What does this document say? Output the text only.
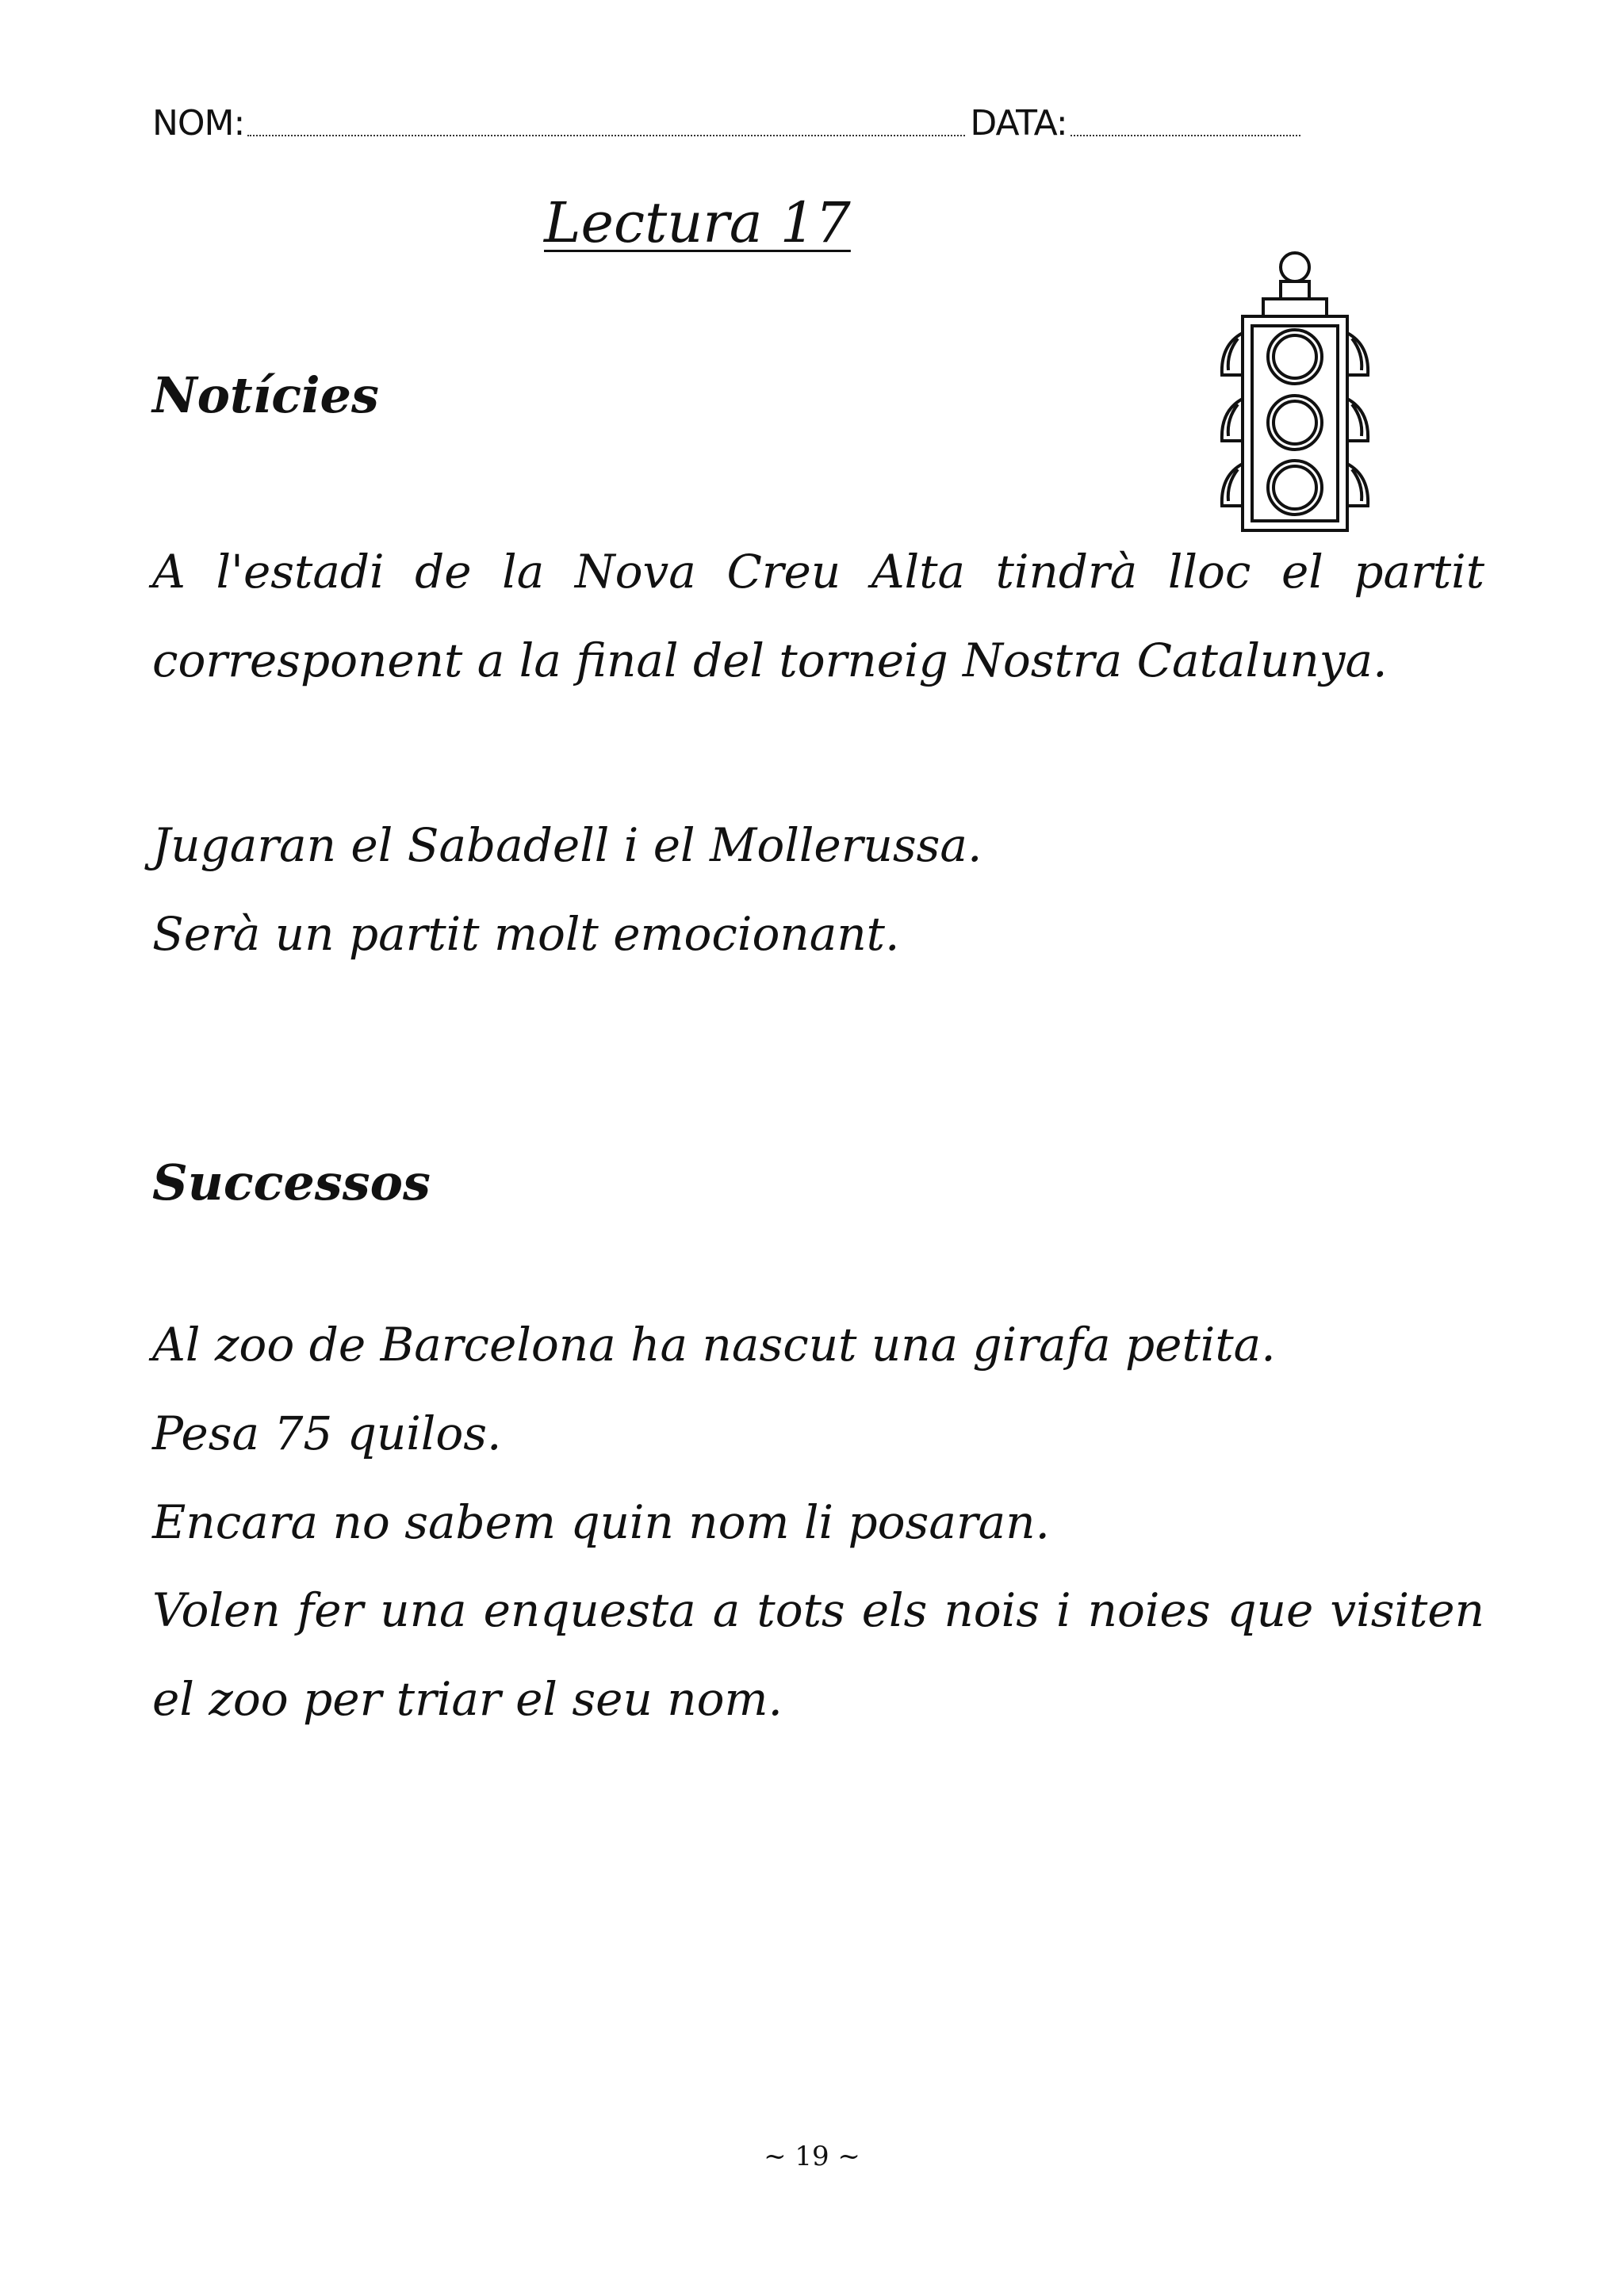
NOM:	DATA:
Lectura 17
Notícies

A l'estadi de la Nova Creu Alta tindrà lloc el partit corresponent a la final del torneig Nostra Catalunya.

Jugaran el Sabadell i el Mollerussa.
Serà un partit molt emocionant.
Successos
Al zoo de Barcelona ha nascut una girafa petita.
Pesa 75 quilos.
Encara no sabem quin nom li posaran.

Volen fer una enquesta a tots els nois i noies que visiten el zoo per triar el seu nom.

~ 19 ~
